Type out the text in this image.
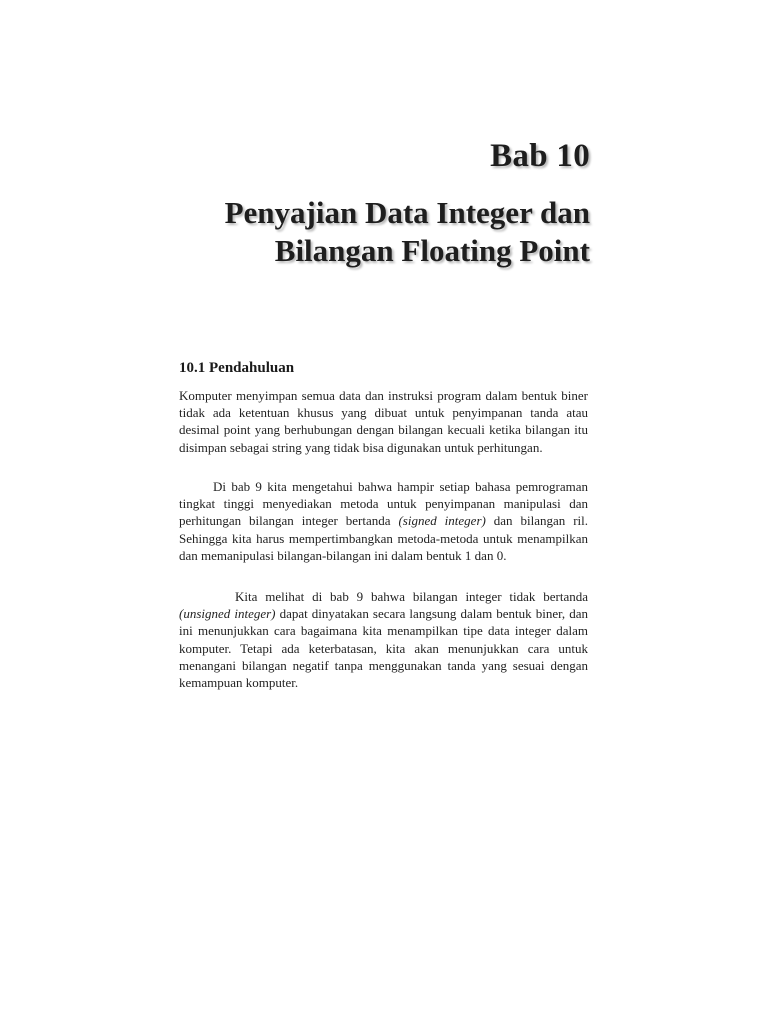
Bab 10
Penyajian Data Integer dan
Bilangan Floating Point
10.1 Pendahuluan

Komputer menyimpan semua data dan instruksi program dalam bentuk biner tidak ada ketentuan khusus yang dibuat untuk penyimpanan tanda atau desimal point yang berhubungan dengan bilangan kecuali ketika bilangan itu disimpan sebagai string yang tidak bisa digunakan untuk perhitungan.

Di bab 9 kita mengetahui bahwa hampir setiap bahasa pemrograman tingkat tinggi menyediakan metoda untuk penyimpanan manipulasi dan perhitungan bilangan integer bertanda (signed integer) dan bilangan ril. Sehingga kita harus mempertimbangkan metoda-metoda untuk menampilkan dan memanipulasi bilangan-bilangan ini dalam bentuk 1 dan 0.

Kita melihat di bab 9 bahwa bilangan integer tidak bertanda (unsigned integer) dapat dinyatakan secara langsung dalam bentuk biner, dan ini menunjukkan cara bagaimana kita menampilkan tipe data integer dalam komputer. Tetapi ada keterbatasan, kita akan menunjukkan cara untuk menangani bilangan negatif tanpa menggunakan tanda yang sesuai dengan kemampuan komputer.
